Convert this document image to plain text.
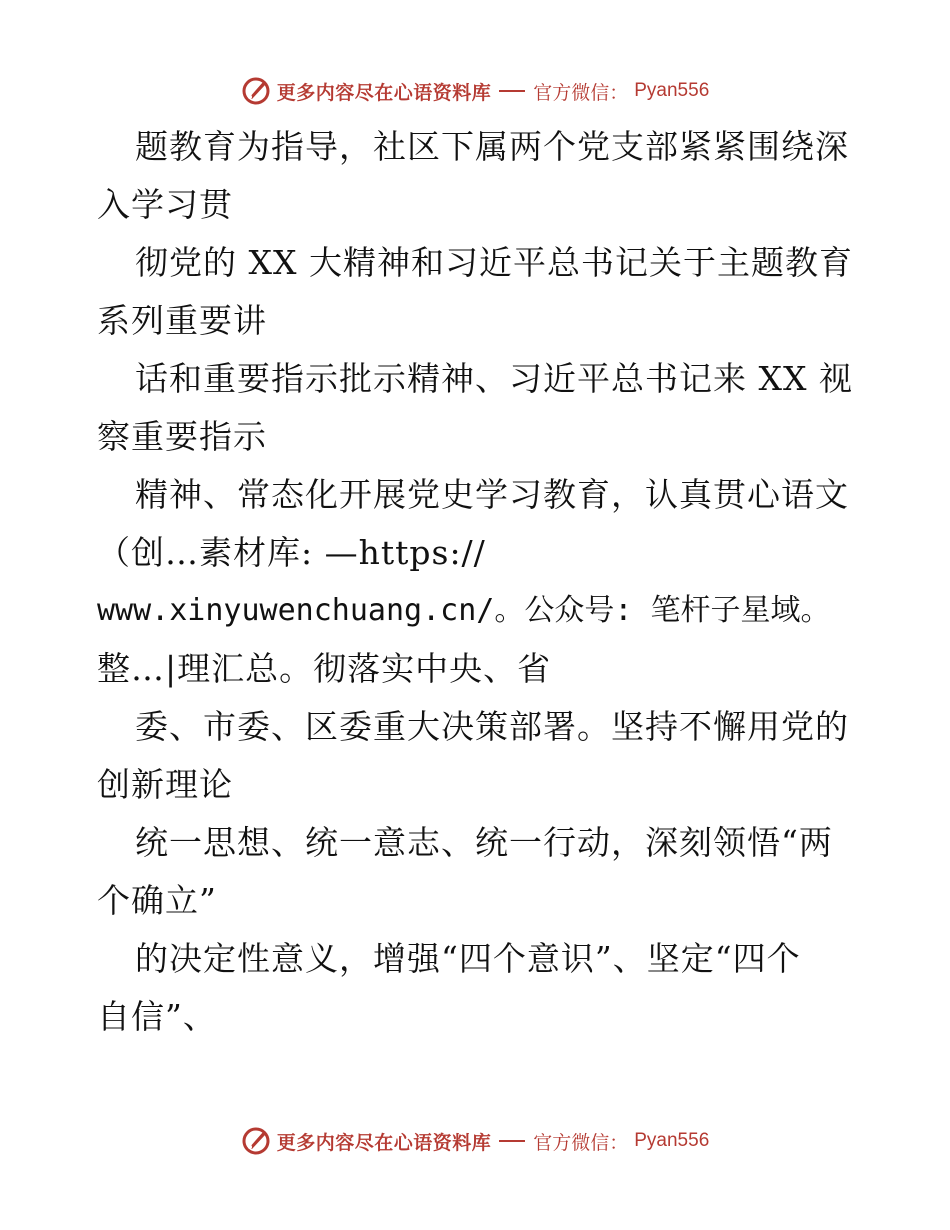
更多内容尽在心语资料库 官方微信： Pyan556
题教育为指导，社区下属两个党支部紧紧围绕深
入学习贯
彻党的 XX 大精神和习近平总书记关于主题教育
系列重要讲
话和重要指示批示精神、习近平总书记来 XX 视
察重要指示
精神、常态化开展党史学习教育，认真贯心语文
（创…素材库: —https://
www.xinyuwenchuang.cn/。公众号: 笔杆子星域。
整…|理汇总。彻落实中央、省
委、市委、区委重大决策部署。坚持不懈用党的
创新理论
统一思想、统一意志、统一行动，深刻领悟“两
个确立”
的决定性意义，增强“四个意识”、坚定“四个
自信”、
更多内容尽在心语资料库 官方微信： Pyan556
